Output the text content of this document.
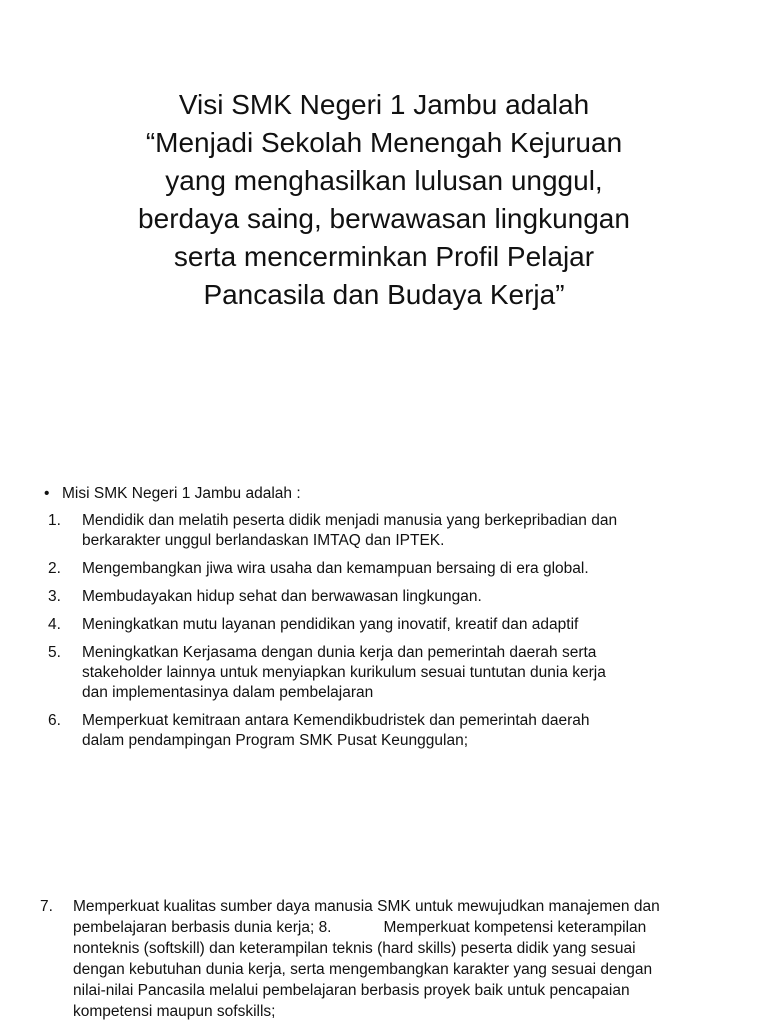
Visi SMK Negeri 1 Jambu adalah
“Menjadi Sekolah Menengah Kejuruan
yang menghasilkan lulusan unggul,
berdaya saing, berwawasan lingkungan
serta mencerminkan Profil Pelajar
Pancasila dan Budaya Kerja”
• Misi SMK Negeri 1 Jambu adalah :
1.	Mendidik dan melatih peserta didik menjadi manusia yang berkepribadian dan
berkarakter unggul berlandaskan IMTAQ dan IPTEK.
2.	Mengembangkan jiwa wira usaha dan kemampuan bersaing di era global.
3.	Membudayakan hidup sehat dan berwawasan lingkungan.
4.	Meningkatkan mutu layanan pendidikan yang inovatif, kreatif dan adaptif
5.	Meningkatkan Kerjasama dengan dunia kerja dan pemerintah daerah serta
stakeholder lainnya untuk menyiapkan kurikulum sesuai tuntutan dunia kerja
dan implementasinya dalam pembelajaran
6.	Memperkuat kemitraan antara Kemendikbudristek dan pemerintah daerah
dalam pendampingan Program SMK Pusat Keunggulan;
7.	Memperkuat kualitas sumber daya manusia SMK untuk mewujudkan manajemen dan
pembelajaran berbasis dunia kerja; 8.	Memperkuat kompetensi keterampilan
nonteknis (softskill) dan keterampilan teknis (hard skills) peserta didik yang sesuai
dengan kebutuhan dunia kerja, serta mengembangkan karakter yang sesuai dengan
nilai-nilai Pancasila melalui pembelajaran berbasis proyek baik untuk pencapaian
kompetensi maupun sofskills;
